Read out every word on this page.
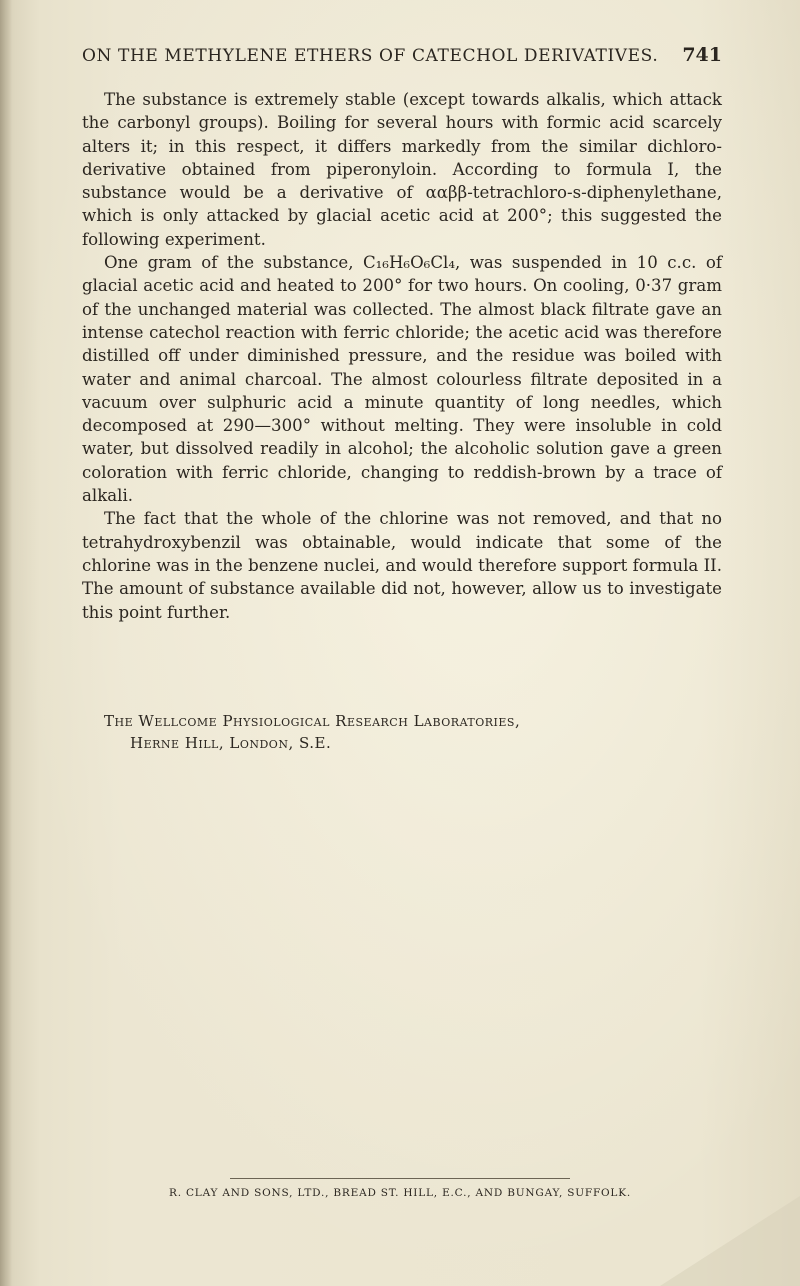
ON THE METHYLENE ETHERS OF CATECHOL DERIVATIVES. 741

The substance is extremely stable (except towards alkalis, which attack the carbonyl groups). Boiling for several hours with formic acid scarcely alters it; in this respect, it differs markedly from the similar dichloro-derivative obtained from piperonyloin. According to formula I, the substance would be a derivative of ααββ-tetrachloro-s-diphenylethane, which is only attacked by glacial acetic acid at 200°; this suggested the following experiment.

One gram of the substance, C₁₆H₆O₆Cl₄, was suspended in 10 c.c. of glacial acetic acid and heated to 200° for two hours. On cooling, 0·37 gram of the unchanged material was collected. The almost black filtrate gave an intense catechol reaction with ferric chloride; the acetic acid was therefore distilled off under diminished pressure, and the residue was boiled with water and animal charcoal. The almost colourless filtrate deposited in a vacuum over sulphuric acid a minute quantity of long needles, which decomposed at 290—300° without melting. They were insoluble in cold water, but dissolved readily in alcohol; the alcoholic solution gave a green coloration with ferric chloride, changing to reddish-brown by a trace of alkali.

The fact that the whole of the chlorine was not removed, and that no tetrahydroxybenzil was obtainable, would indicate that some of the chlorine was in the benzene nuclei, and would therefore support formula II. The amount of substance available did not, however, allow us to investigate this point further.

The Wellcome Physiological Research Laboratories,
Herne Hill, London, S.E.
R. CLAY AND SONS, LTD., BREAD ST. HILL, E.C., AND BUNGAY, SUFFOLK.
